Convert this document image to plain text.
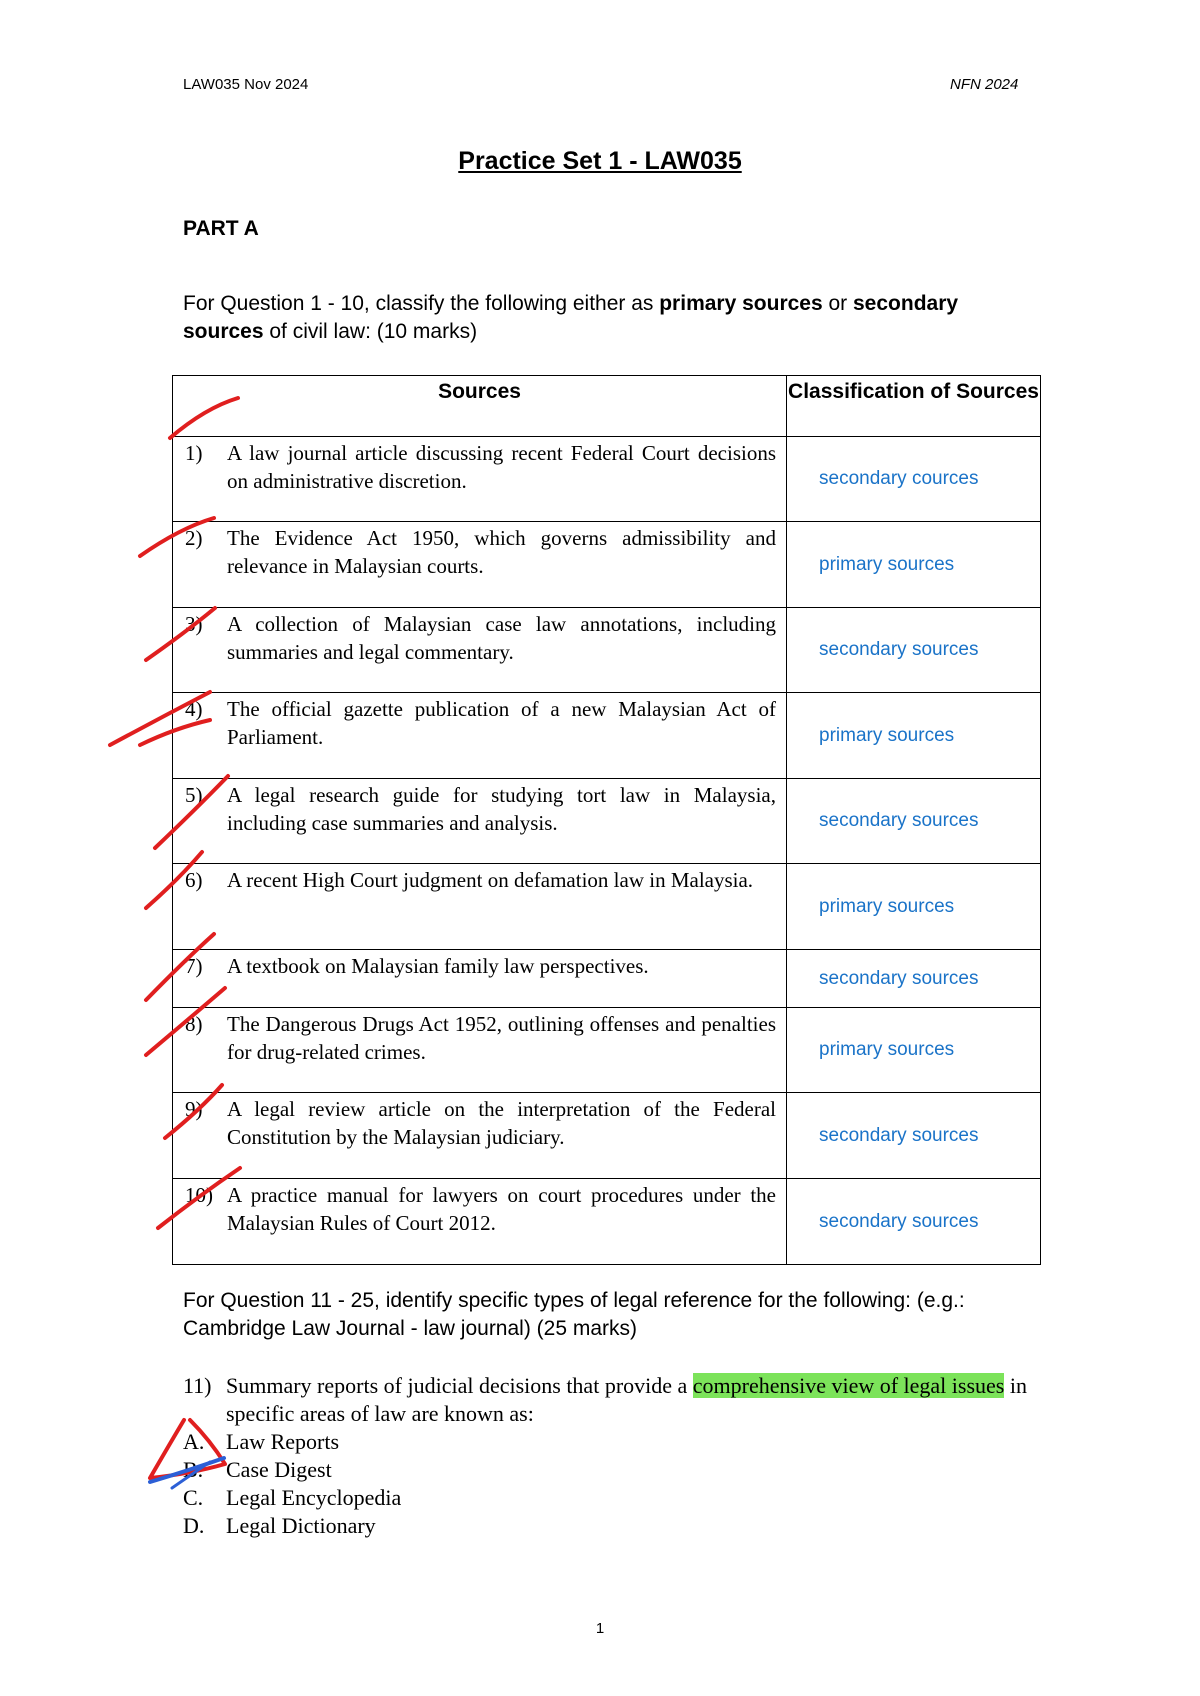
LAW035 Nov 2024	NFN 2024
Practice Set 1 - LAW035
PART A
For Question 1 - 10, classify the following either as primary sources or secondary sources of civil law: (10 marks)
Sources	Classification of Sources

1) A law journal article discussing recent Federal Court decisions on administrative discretion.	secondary cources

2) The Evidence Act 1950, which governs admissibility and relevance in Malaysian courts.	primary sources

3) A collection of Malaysian case law annotations, including summaries and legal commentary.	secondary sources

4) The official gazette publication of a new Malaysian Act of Parliament.	primary sources

5) A legal research guide for studying tort law in Malaysia, including case summaries and analysis.	secondary sources

6) A recent High Court judgment on defamation law in Malaysia.	primary sources

7) A textbook on Malaysian family law perspectives.	secondary sources

8) The Dangerous Drugs Act 1952, outlining offenses and penalties for drug-related crimes.	primary sources

9) A legal review article on the interpretation of the Federal Constitution by the Malaysian judiciary.	secondary sources

10) A practice manual for lawyers on court procedures under the Malaysian Rules of Court 2012.	secondary sources
For Question 11 - 25, identify specific types of legal reference for the following: (e.g.: Cambridge Law Journal - law journal) (25 marks)
11) Summary reports of judicial decisions that provide a comprehensive view of legal issues in specific areas of law are known as:
A. Law Reports
B. Case Digest
C. Legal Encyclopedia
D. Legal Dictionary
1
